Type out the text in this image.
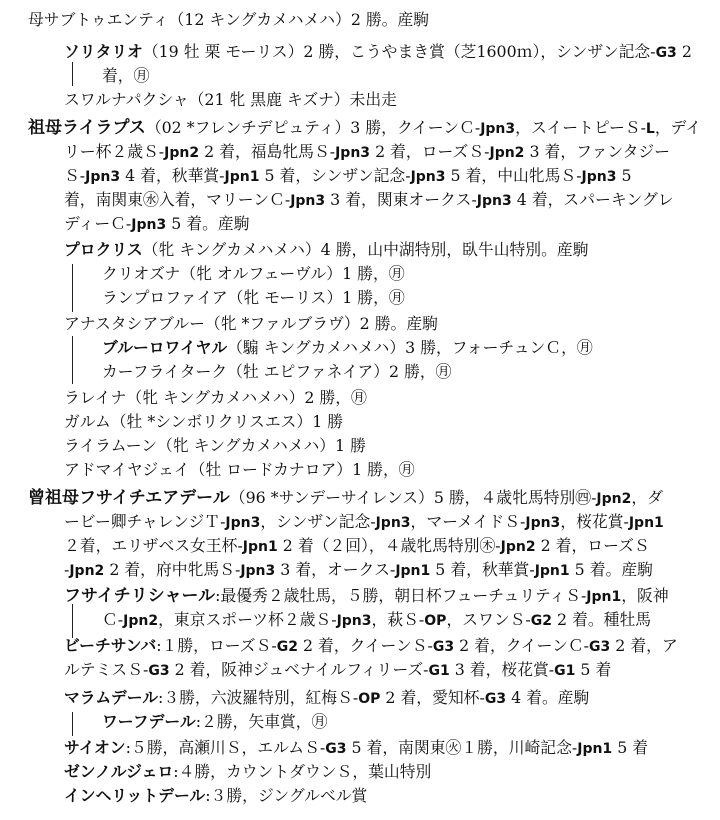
母サブトゥエンティ（12 キングカメハメハ）2 勝。産駒
ソリタリオ（19 牡 栗 モーリス）2 勝，こうやまき賞（芝1600ｍ），シンザン記念-G3 2
着，㊊
スワルナパクシャ（21 牝 黒鹿 キズナ）未出走
祖母ライラプス（02 *フレンチデピュティ）3 勝，クイーンＣ-Jpn3，スイートピーＳ-L，デイ
リー杯２歳Ｓ-Jpn2 2 着，福島牝馬Ｓ-Jpn3 2 着，ローズＳ-Jpn2 3 着，ファンタジー
Ｓ-Jpn3 4 着，秋華賞-Jpn1 5 着，シンザン記念-Jpn3 5 着，中山牝馬Ｓ-Jpn3 5
着，南関東㊌入着，マリーンＣ-Jpn3 3 着，関東オークス-Jpn3 4 着，スパーキングレ
ディーＣ-Jpn3 5 着。産駒
プロクリス（牝 キングカメハメハ）4 勝，山中湖特別，臥牛山特別。産駒
クリオズナ（牝 オルフェーヴル）1 勝，㊊
ランプロファイア（牝 モーリス）1 勝，㊊
アナスタシアブルー（牝 *ファルブラヴ）2 勝。産駒
ブルーロワイヤル（騸 キングカメハメハ）3 勝，フォーチュンＣ，㊊
カーフライターク（牡 エピファネイア）2 勝，㊊
ラレイナ（牝 キングカメハメハ）2 勝，㊊
ガルム（牡 *シンボリクリスエス）1 勝
ライラムーン（牝 キングカメハメハ）1 勝
アドマイヤジェイ（牡 ロードカナロア）1 勝，㊊
曾祖母フサイチエアデール（96 *サンデーサイレンス）5 勝，４歳牝馬特別㊃-Jpn2，ダ
ービー卿チャレンジＴ-Jpn3，シンザン記念-Jpn3，マーメイドＳ-Jpn3，桜花賞-Jpn1
２着，エリザベス女王杯-Jpn1 2 着（２回），４歳牝馬特別㊍-Jpn2 2 着，ローズＳ
-Jpn2 2 着，府中牝馬Ｓ-Jpn3 3 着，オークス-Jpn1 5 着，秋華賞-Jpn1 5 着。産駒
フサイチリシャール:最優秀２歳牡馬，５勝，朝日杯フューチュリティＳ-Jpn1，阪神
Ｃ-Jpn2，東京スポーツ杯２歳Ｓ-Jpn3，萩Ｓ-OP，スワンＳ-G2 2 着。種牡馬
ビーチサンバ:１勝，ローズＳ-G2 2 着，クイーンＳ-G3 2 着，クイーンＣ-G3 2 着，ア
ルテミスＳ-G3 2 着，阪神ジュベナイルフィリーズ-G1 3 着，桜花賞-G1 5 着
マラムデール:３勝，六波羅特別，紅梅Ｓ-OP 2 着，愛知杯-G3 4 着。産駒
ワーフデール:２勝，矢車賞，㊊
サイオン:５勝，高瀬川Ｓ，エルムＳ-G3 5 着，南関東㊋１勝，川崎記念-Jpn1 5 着
ゼンノルジェロ:４勝，カウントダウンＳ，葉山特別
インヘリットデール:３勝，ジングルベル賞
